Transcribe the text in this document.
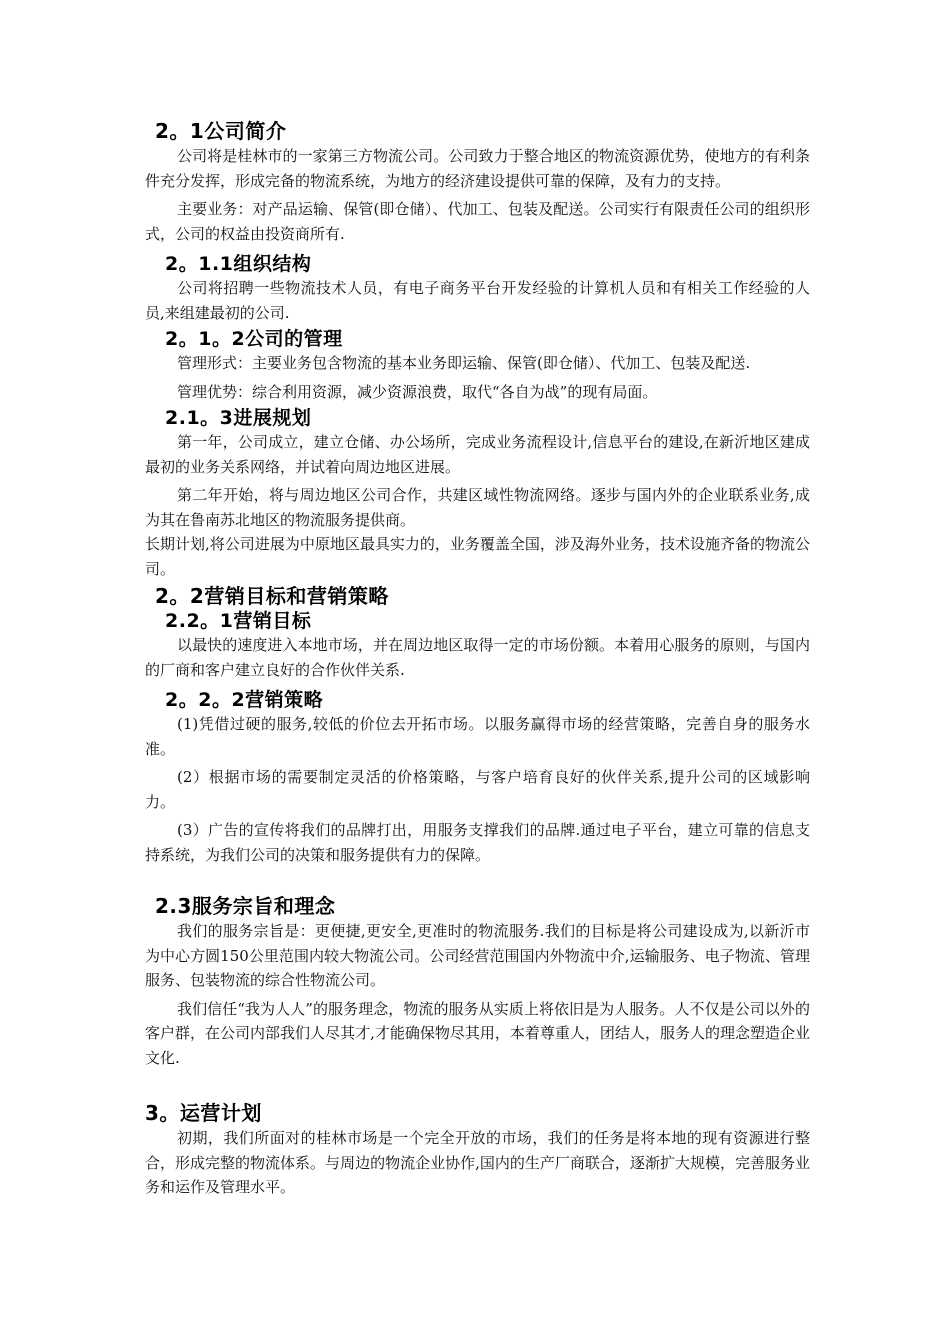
2。1公司简介

公司将是桂林市的一家第三方物流公司。公司致力于整合地区的物流资源优势，使地方的有利条件充分发挥，形成完备的物流系统，为地方的经济建设提供可靠的保障，及有力的支持。

主要业务：对产品运输、保管(即仓储）、代加工、包装及配送。公司实行有限责任公司的组织形式，公司的权益由投资商所有.

2。1.1组织结构

公司将招聘一些物流技术人员，有电子商务平台开发经验的计算机人员和有相关工作经验的人员,来组建最初的公司.

2。1。2公司的管理

管理形式：主要业务包含物流的基本业务即运输、保管(即仓储）、代加工、包装及配送.

管理优势：综合利用资源，减少资源浪费，取代“各自为战”的现有局面。

2.1。3进展规划

第一年，公司成立，建立仓储、办公场所，完成业务流程设计,信息平台的建设,在新沂地区建成最初的业务关系网络，并试着向周边地区进展。

第二年开始，将与周边地区公司合作，共建区域性物流网络。逐步与国内外的企业联系业务,成为其在鲁南苏北地区的物流服务提供商。

长期计划,将公司进展为中原地区最具实力的，业务覆盖全国，涉及海外业务，技术设施齐备的物流公司。

2。2营销目标和营销策略
2.2。1营销目标

以最快的速度进入本地市场，并在周边地区取得一定的市场份额。本着用心服务的原则，与国内的厂商和客户建立良好的合作伙伴关系.

2。2。2营销策略

(1)凭借过硬的服务,较低的价位去开拓市场。以服务赢得市场的经营策略，完善自身的服务水准。

(2）根据市场的需要制定灵活的价格策略，与客户培育良好的伙伴关系,提升公司的区域影响力。

(3）广告的宣传将我们的品牌打出，用服务支撑我们的品牌.通过电子平台，建立可靠的信息支持系统，为我们公司的决策和服务提供有力的保障。

2.3服务宗旨和理念

我们的服务宗旨是：更便捷,更安全,更准时的物流服务.我们的目标是将公司建设成为,以新沂市为中心方圆150公里范围内较大物流公司。公司经营范围国内外物流中介,运输服务、电子物流、管理服务、包装物流的综合性物流公司。

我们信任“我为人人”的服务理念，物流的服务从实质上将依旧是为人服务。人不仅是公司以外的客户群，在公司内部我们人尽其才,才能确保物尽其用，本着尊重人，团结人，服务人的理念塑造企业文化.

3。运营计划

初期，我们所面对的桂林市场是一个完全开放的市场，我们的任务是将本地的现有资源进行整合，形成完整的物流体系。与周边的物流企业协作,国内的生产厂商联合，逐渐扩大规模，完善服务业务和运作及管理水平。
